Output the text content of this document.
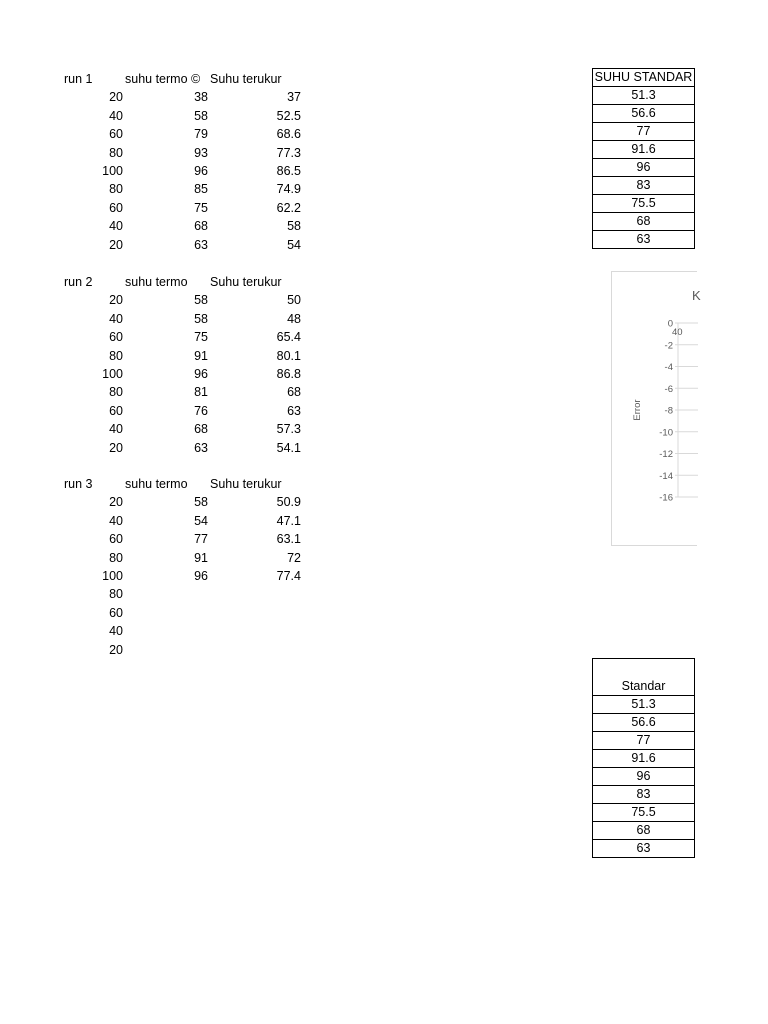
run 1	suhu termo © Suhu terukur
20	38	37
40	58	52.5
60	79	68.6
80	93	77.3
100	96	86.5
80	85	74.9
60	75	62.2
40	68	58
20	63	54
run 2	suhu termo Suhu terukur
20	58	50
40	58	48
60	75	65.4
80	91	80.1
100	96	86.8
80	81	68
60	76	63
40	68	57.3
20	63	54.1
run 3	suhu termo Suhu terukur
20	58	50.9
40	54	47.1
60	77	63.1
80	91	72
100	96	77.4
80
60
40
20
SUHU STANDAR
51.3
56.6
77
91.6
96
83
75.5
68
63
K
Error
0
-2
-4
-6
-8
-10
-12
-14
-16
40
Standar
51.3
56.6
77
91.6
96
83
75.5
68
63
